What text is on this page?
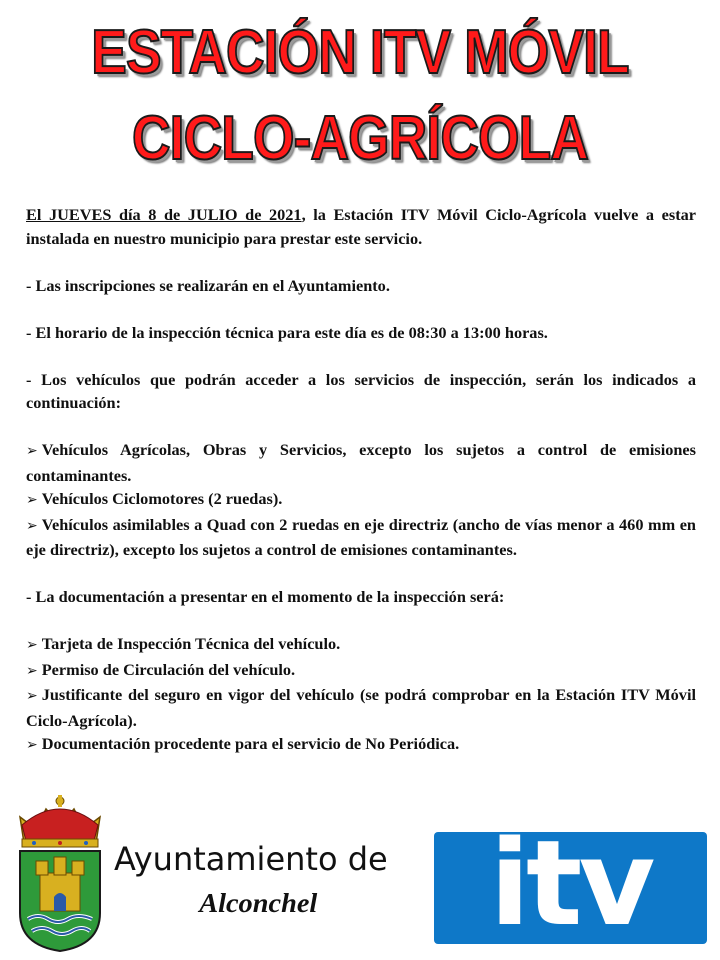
ESTACIÓN ITV MÓVIL
CICLO-AGRÍCOLA

El JUEVES día 8 de JULIO de 2021, la Estación ITV Móvil Ciclo-Agrícola vuelve a estar instalada en nuestro municipio para prestar este servicio.

- Las inscripciones se realizarán en el Ayuntamiento.

- El horario de la inspección técnica para este día es de 08:30 a 13:00 horas.

- Los vehículos que podrán acceder a los servicios de inspección, serán los indicados a continuación:

➢ Vehículos Agrícolas, Obras y Servicios, excepto los sujetos a control de emisiones contaminantes.

➢ Vehículos Ciclomotores (2 ruedas).

➢ Vehículos asimilables a Quad con 2 ruedas en eje directriz (ancho de vías menor a 460 mm en eje directriz), excepto los sujetos a control de emisiones contaminantes.

- La documentación a presentar en el momento de la inspección será:

➢ Tarjeta de Inspección Técnica del vehículo.

➢ Permiso de Circulación del vehículo.

➢ Justificante del seguro en vigor del vehículo (se podrá comprobar en la Estación ITV Móvil Ciclo-Agrícola).

➢ Documentación procedente para el servicio de No Periódica.

Ayuntamiento de
Alconchel itv
